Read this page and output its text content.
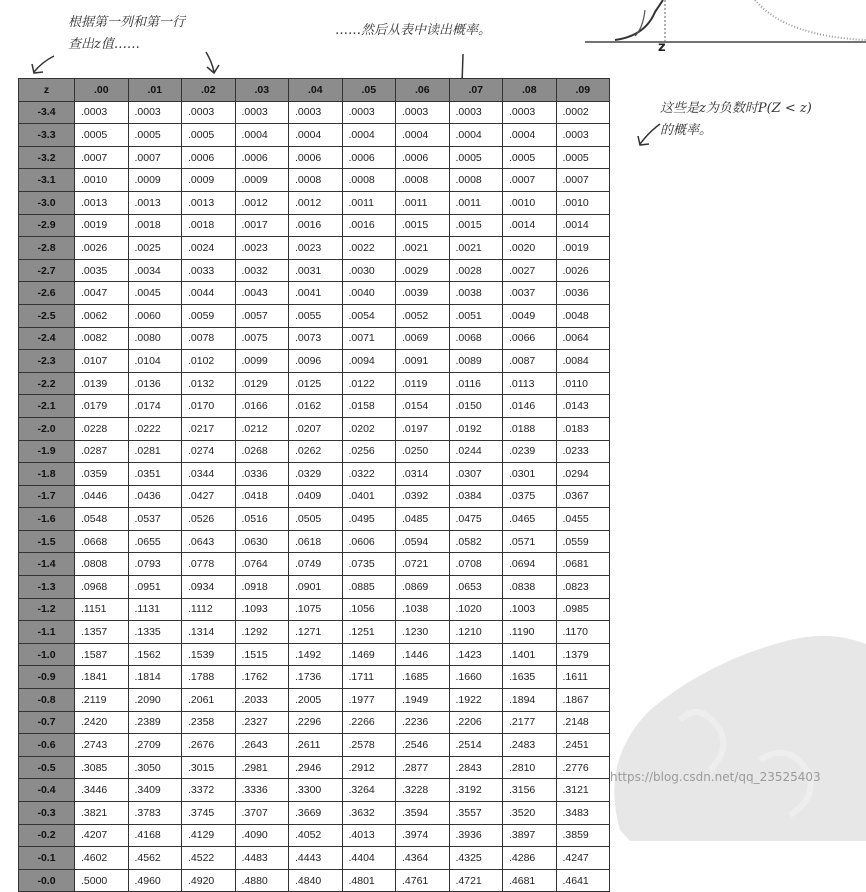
根据第一列和第一行
查出z值……
……然后从表中读出概率。
这些是z为负数时P(Z < z)
的概率。
z
z	.00	.01	.02	.03	.04	.05	.06	.07	.08	.09
-3.4	.0003	.0003	.0003	.0003	.0003	.0003	.0003	.0003	.0003	.0002
-3.3	.0005	.0005	.0005	.0004	.0004	.0004	.0004	.0004	.0004	.0003
-3.2	.0007	.0007	.0006	.0006	.0006	.0006	.0006	.0005	.0005	.0005
-3.1	.0010	.0009	.0009	.0009	.0008	.0008	.0008	.0008	.0007	.0007
-3.0	.0013	.0013	.0013	.0012	.0012	.0011	.0011	.0011	.0010	.0010
-2.9	.0019	.0018	.0018	.0017	.0016	.0016	.0015	.0015	.0014	.0014
-2.8	.0026	.0025	.0024	.0023	.0023	.0022	.0021	.0021	.0020	.0019
-2.7	.0035	.0034	.0033	.0032	.0031	.0030	.0029	.0028	.0027	.0026
-2.6	.0047	.0045	.0044	.0043	.0041	.0040	.0039	.0038	.0037	.0036
-2.5	.0062	.0060	.0059	.0057	.0055	.0054	.0052	.0051	.0049	.0048
-2.4	.0082	.0080	.0078	.0075	.0073	.0071	.0069	.0068	.0066	.0064
-2.3	.0107	.0104	.0102	.0099	.0096	.0094	.0091	.0089	.0087	.0084
-2.2	.0139	.0136	.0132	.0129	.0125	.0122	.0119	.0116	.0113	.0110
-2.1	.0179	.0174	.0170	.0166	.0162	.0158	.0154	.0150	.0146	.0143
-2.0	.0228	.0222	.0217	.0212	.0207	.0202	.0197	.0192	.0188	.0183
-1.9	.0287	.0281	.0274	.0268	.0262	.0256	.0250	.0244	.0239	.0233
-1.8	.0359	.0351	.0344	.0336	.0329	.0322	.0314	.0307	.0301	.0294
-1.7	.0446	.0436	.0427	.0418	.0409	.0401	.0392	.0384	.0375	.0367
-1.6	.0548	.0537	.0526	.0516	.0505	.0495	.0485	.0475	.0465	.0455
-1.5	.0668	.0655	.0643	.0630	.0618	.0606	.0594	.0582	.0571	.0559
-1.4	.0808	.0793	.0778	.0764	.0749	.0735	.0721	.0708	.0694	.0681
-1.3	.0968	.0951	.0934	.0918	.0901	.0885	.0869	.0653	.0838	.0823
-1.2	.1151	.1131	.1112	.1093	.1075	.1056	.1038	.1020	.1003	.0985
-1.1	.1357	.1335	.1314	.1292	.1271	.1251	.1230	.1210	.1190	.1170
-1.0	.1587	.1562	.1539	.1515	.1492	.1469	.1446	.1423	.1401	.1379
-0.9	.1841	.1814	.1788	.1762	.1736	.1711	.1685	.1660	.1635	.1611
-0.8	.2119	.2090	.2061	.2033	.2005	.1977	.1949	.1922	.1894	.1867
-0.7	.2420	.2389	.2358	.2327	.2296	.2266	.2236	.2206	.2177	.2148
-0.6	.2743	.2709	.2676	.2643	.2611	.2578	.2546	.2514	.2483	.2451
-0.5	.3085	.3050	.3015	.2981	.2946	.2912	.2877	.2843	.2810	.2776
-0.4	.3446	.3409	.3372	.3336	.3300	.3264	.3228	.3192	.3156	.3121
-0.3	.3821	.3783	.3745	.3707	.3669	.3632	.3594	.3557	.3520	.3483
-0.2	.4207	.4168	.4129	.4090	.4052	.4013	.3974	.3936	.3897	.3859
-0.1	.4602	.4562	.4522	.4483	.4443	.4404	.4364	.4325	.4286	.4247
-0.0	.5000	.4960	.4920	.4880	.4840	.4801	.4761	.4721	.4681	.4641
https://blog.csdn.net/qq_23525403
